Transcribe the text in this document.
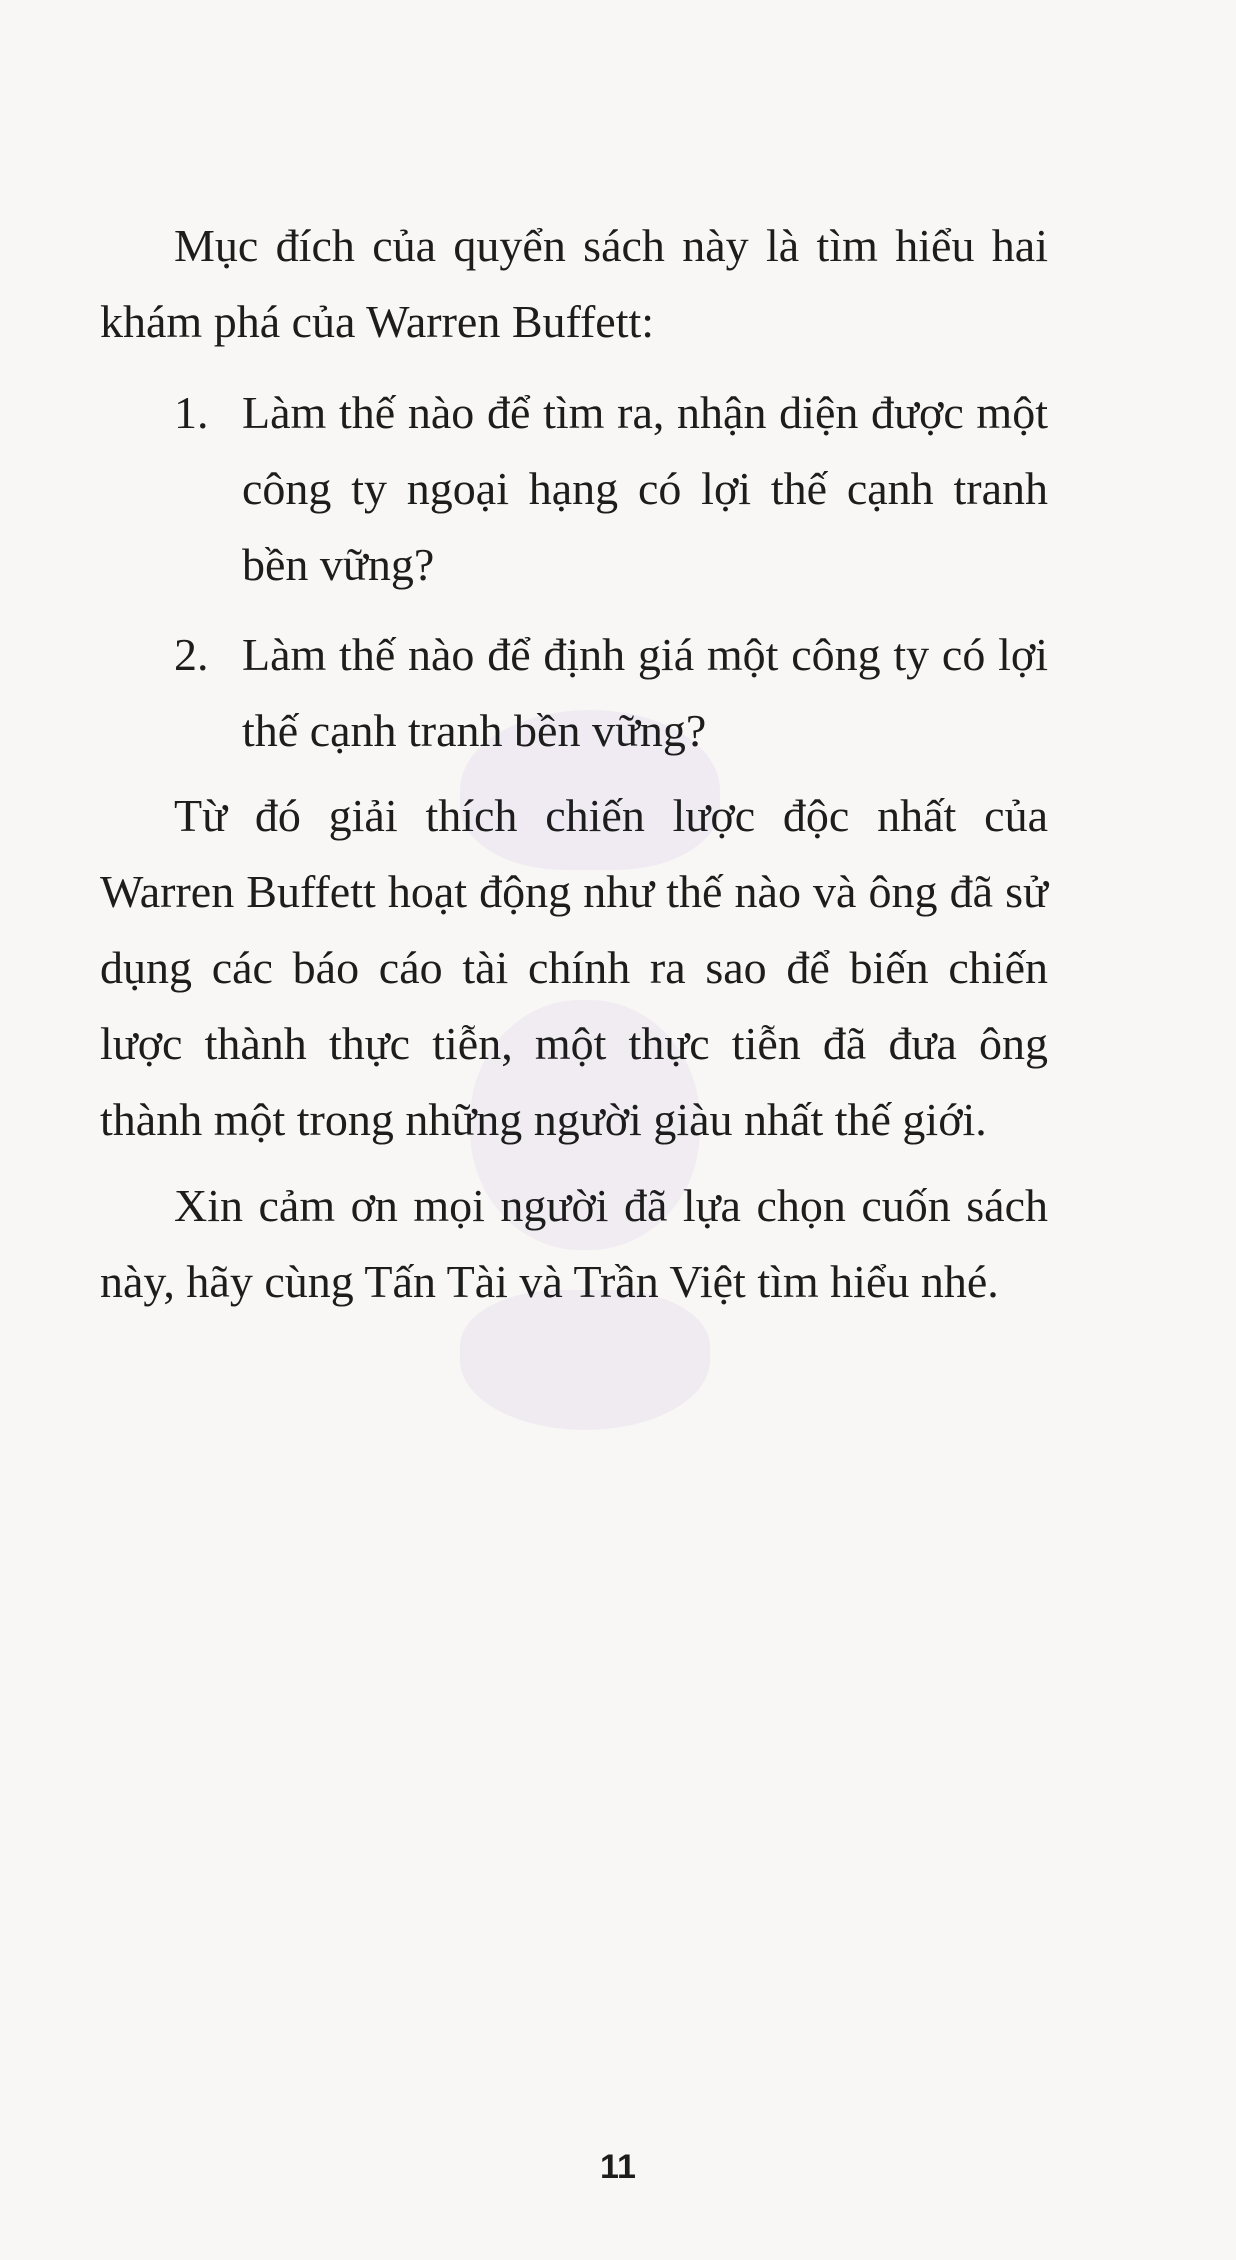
Mục đích của quyển sách này là tìm hiểu hai khám phá của Warren Buffett:

1. Làm thế nào để tìm ra, nhận diện được một công ty ngoại hạng có lợi thế cạnh tranh bền vững?
2. Làm thế nào để định giá một công ty có lợi thế cạnh tranh bền vững?

Từ đó giải thích chiến lược độc nhất của Warren Buffett hoạt động như thế nào và ông đã sử dụng các báo cáo tài chính ra sao để biến chiến lược thành thực tiễn, một thực tiễn đã đưa ông thành một trong những người giàu nhất thế giới.

Xin cảm ơn mọi người đã lựa chọn cuốn sách này, hãy cùng Tấn Tài và Trần Việt tìm hiểu nhé.

11
